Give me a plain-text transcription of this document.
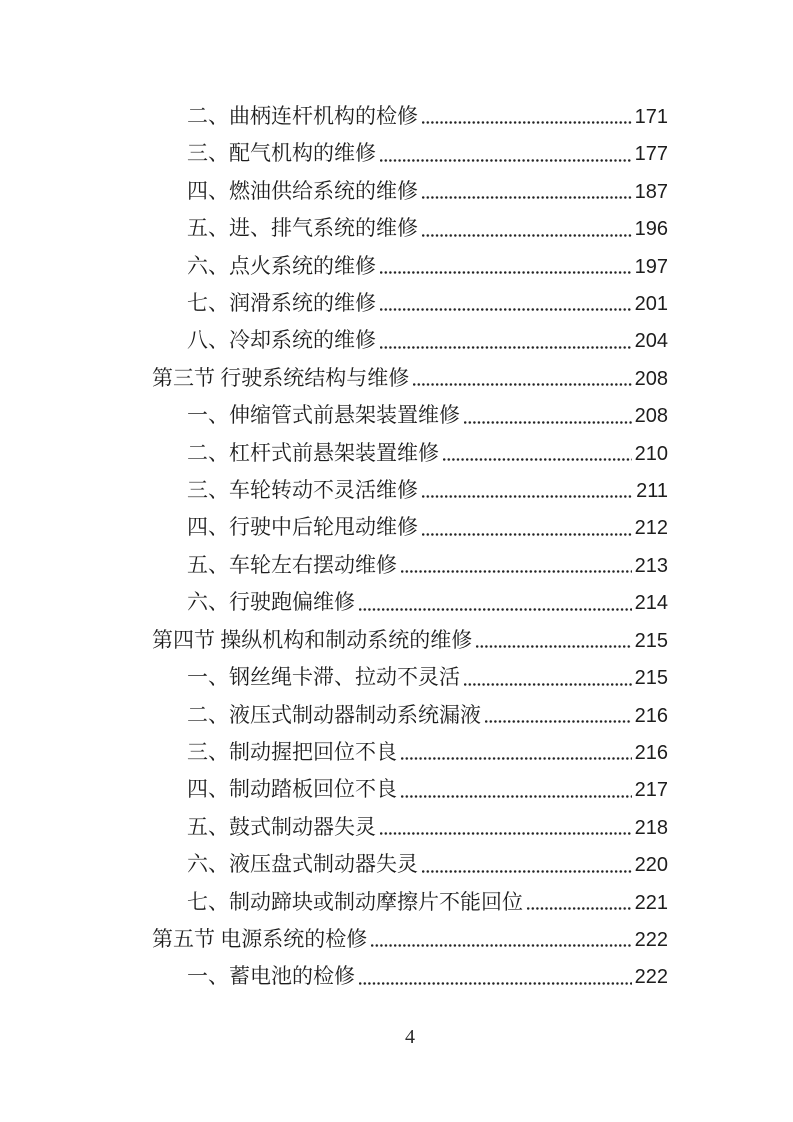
二、曲柄连杆机构的检修	171
三、配气机构的维修	177
四、燃油供给系统的维修	187
五、进、排气系统的维修	196
六、点火系统的维修	197
七、润滑系统的维修	201
八、冷却系统的维修	204
第三节 行驶系统结构与维修	208
一、伸缩管式前悬架装置维修	208
二、杠杆式前悬架装置维修	210
三、车轮转动不灵活维修	211
四、行驶中后轮甩动维修	212
五、车轮左右摆动维修	213
六、行驶跑偏维修	214
第四节 操纵机构和制动系统的维修	215
一、钢丝绳卡滞、拉动不灵活	215
二、液压式制动器制动系统漏液	216
三、制动握把回位不良	216
四、制动踏板回位不良	217
五、鼓式制动器失灵	218
六、液压盘式制动器失灵	220
七、制动蹄块或制动摩擦片不能回位	221
第五节 电源系统的检修	222
一、蓄电池的检修	222
4
